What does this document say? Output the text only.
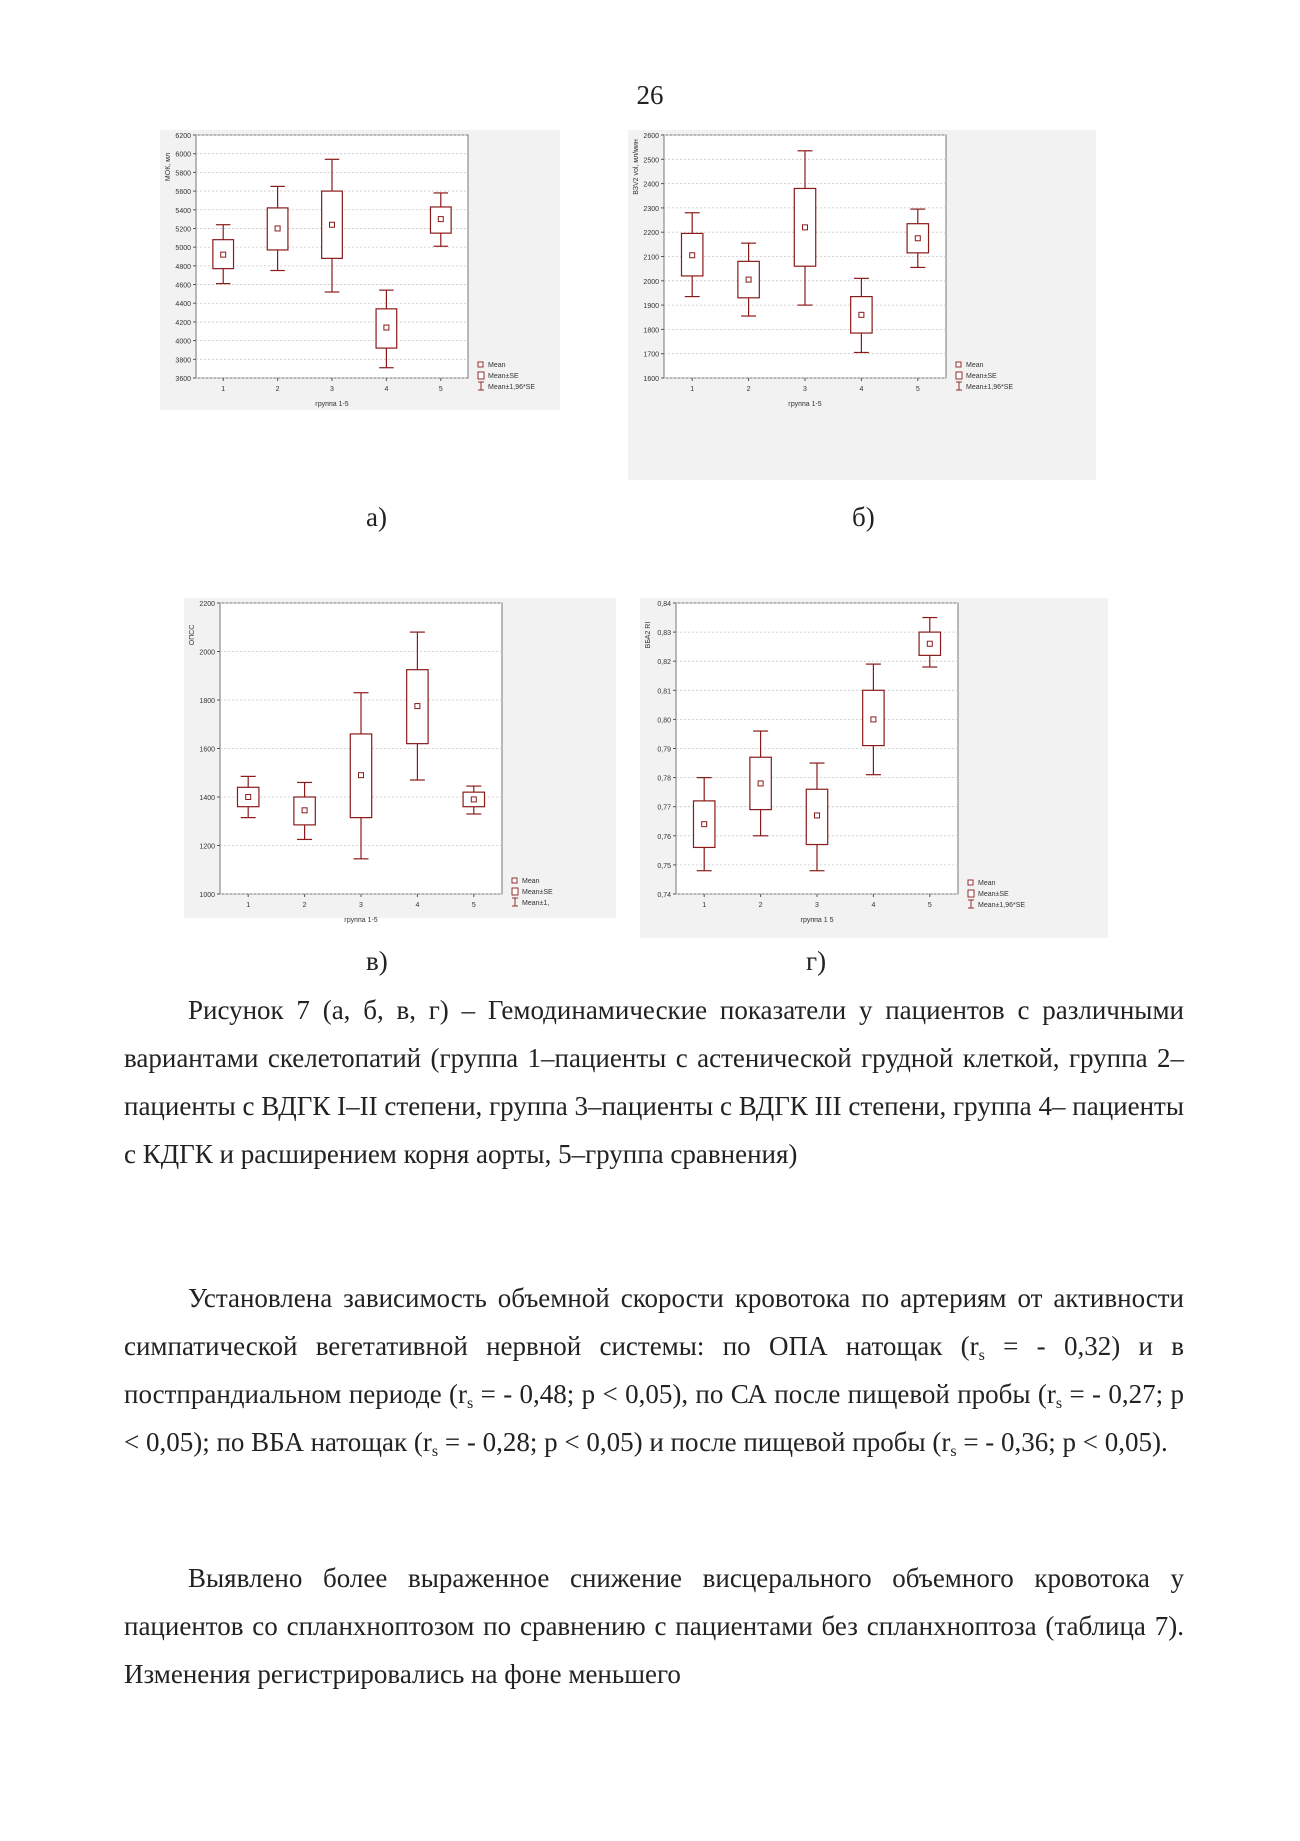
26
3600
3800
4000
4200
4400
4600
4800
5000
5200
5400
5600
5800
6000
6200
1	2	3	4	5
МОК, мл
группа 1-5
Mean
Mean±SE
Mean±1,96*SE
а)
1600
1700
1800
1900
2000
2100
2200
2300
2400
2500
2600
1	2	3	4	5
ВЗV2 vol, мл/мин
группа 1-5
Mean
Mean±SE
Mean±1,96*SE
б)
1000
1200
1400
1600
1800
2000
2200
1	2	3	4	5
ОПСС
группа 1-5
Mean
Mean±SE
Mean±1,
в)
0,74
0,75
0,76
0,77
0,78
0,79
0,80
0,81
0,82
0,83
0,84
1	2	3	4	5
ВБА2 RI
группа 1 5
Mean
Mean±SE
Mean±1,96*SE
г)

Рисунок 7 (а, б, в, г) – Гемодинамические показатели у пациентов с различными вариантами скелетопатий (группа 1–пациенты с астенической грудной клеткой, группа 2–пациенты с ВДГК I–II степени, группа 3–пациенты с ВДГК III степени, группа 4– пациенты с КДГК и расширением корня аорты, 5–группа сравнения)

Установлена зависимость объемной скорости кровотока по артериям от активности симпатической вегетативной нервной системы: по ОПА натощак ($r_s$ = - 0,32) и в постпрандиальном периоде ($r_s$ = - 0,48; p < 0,05), по СА после пищевой пробы ($r_s$ = - 0,27; p < 0,05); по ВБА натощак ($r_s$ = - 0,28; p < 0,05) и после пищевой пробы ($r_s$ = - 0,36; p < 0,05).

Выявлено более выраженное снижение висцерального объемного кровотока у пациентов со спланхноптозом по сравнению с пациентами без спланхноптоза (таблица 7). Изменения регистрировались на фоне меньшего
